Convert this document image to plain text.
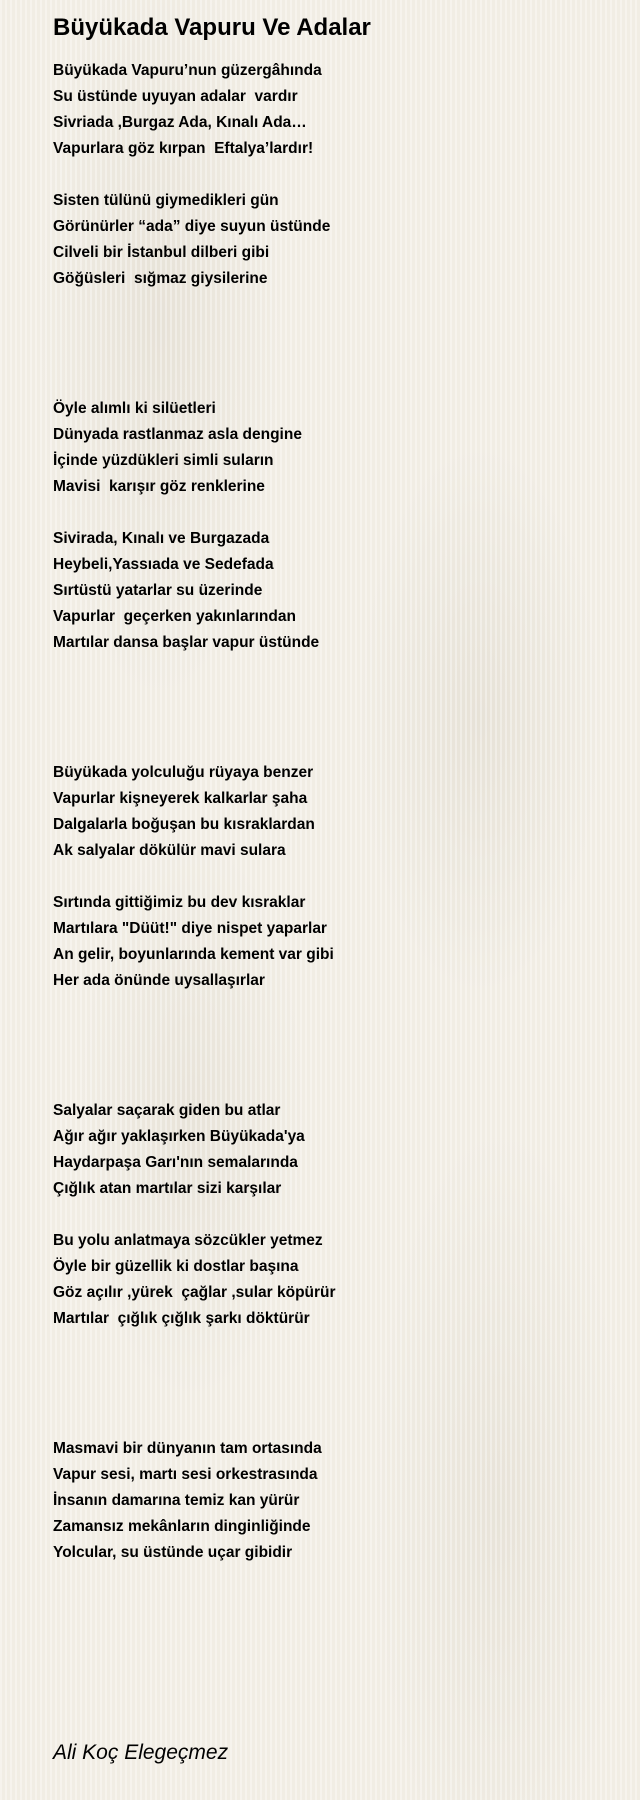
Büyükada Vapuru Ve Adalar
Büyükada Vapuru’nun güzergâhında
Su üstünde uyuyan adalar  vardır
Sivriada ,Burgaz Ada, Kınalı Ada…
Vapurlara göz kırpan  Eftalya’lardır!
Sisten tülünü giymedikleri gün
Görünürler “ada” diye suyun üstünde
Cilveli bir İstanbul dilberi gibi
Göğüsleri  sığmaz giysilerine
Öyle alımlı ki silüetleri
Dünyada rastlanmaz asla dengine
İçinde yüzdükleri simli suların
Mavisi  karışır göz renklerine
Sivirada, Kınalı ve Burgazada
Heybeli,Yassıada ve Sedefada
Sırtüstü yatarlar su üzerinde
Vapurlar  geçerken yakınlarından
Martılar dansa başlar vapur üstünde
Büyükada yolculuğu rüyaya benzer
Vapurlar kişneyerek kalkarlar şaha
Dalgalarla boğuşan bu kısraklardan
Ak salyalar dökülür mavi sulara
Sırtında gittiğimiz bu dev kısraklar
Martılara "Düüt!" diye nispet yaparlar
An gelir, boyunlarında kement var gibi
Her ada önünde uysallaşırlar
Salyalar saçarak giden bu atlar
Ağır ağır yaklaşırken Büyükada'ya
Haydarpaşa Garı'nın semalarında
Çığlık atan martılar sizi karşılar
Bu yolu anlatmaya sözcükler yetmez
Öyle bir güzellik ki dostlar başına
Göz açılır ,yürek  çağlar ,sular köpürür
Martılar  çığlık çığlık şarkı döktürür
Masmavi bir dünyanın tam ortasında
Vapur sesi, martı sesi orkestrasında
İnsanın damarına temiz kan yürür
Zamansız mekânların dinginliğinde
Yolcular, su üstünde uçar gibidir
Ali Koç Elegeçmez
